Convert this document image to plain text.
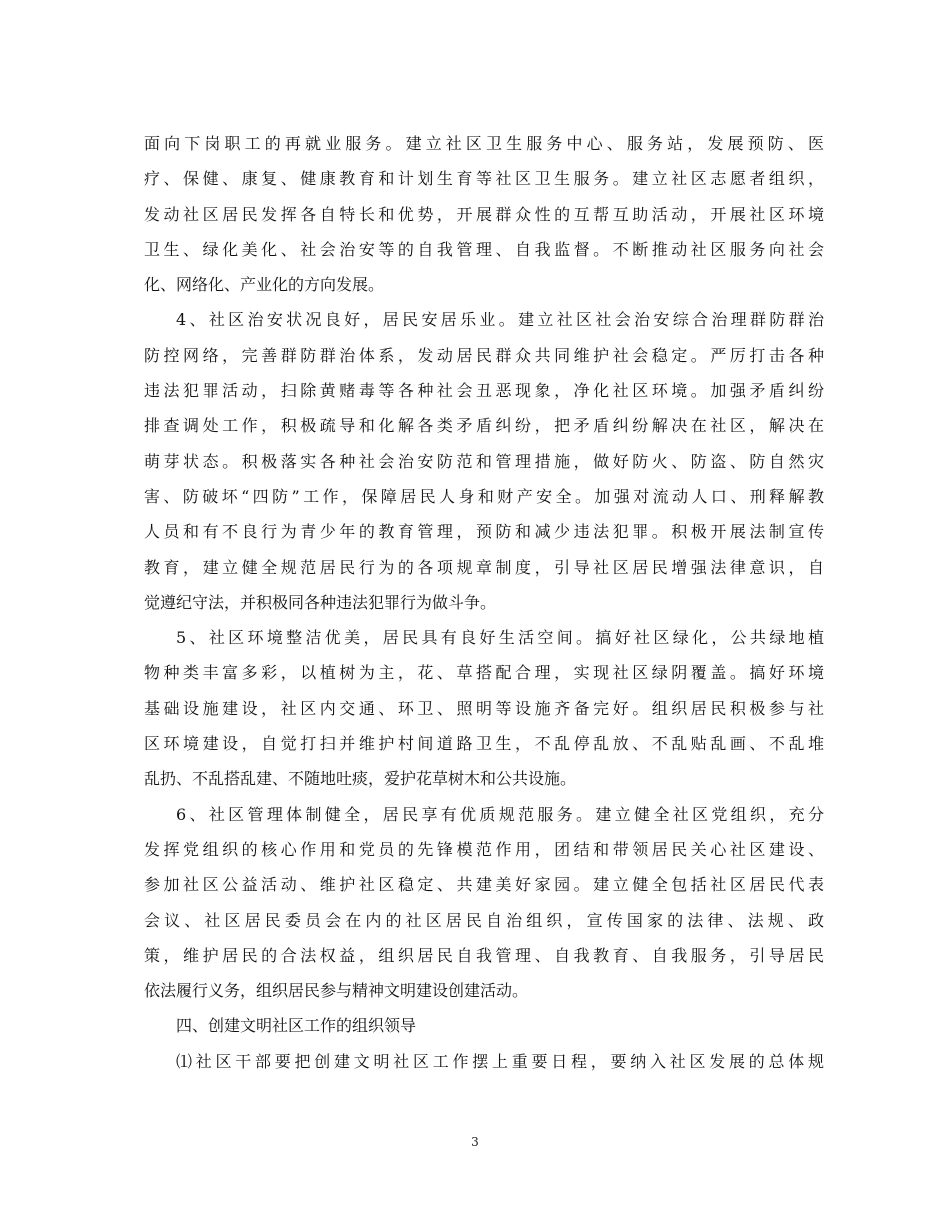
面向下岗职工的再就业服务。建立社区卫生服务中心、服务站，发展预防、医
疗、保健、康复、健康教育和计划生育等社区卫生服务。建立社区志愿者组织，
发动社区居民发挥各自特长和优势，开展群众性的互帮互助活动，开展社区环境
卫生、绿化美化、社会治安等的自我管理、自我监督。不断推动社区服务向社会
化、网络化、产业化的方向发展。
4、社区治安状况良好，居民安居乐业。建立社区社会治安综合治理群防群治
防控网络，完善群防群治体系，发动居民群众共同维护社会稳定。严厉打击各种
违法犯罪活动，扫除黄赌毒等各种社会丑恶现象，净化社区环境。加强矛盾纠纷
排查调处工作，积极疏导和化解各类矛盾纠纷，把矛盾纠纷解决在社区，解决在
萌芽状态。积极落实各种社会治安防范和管理措施，做好防火、防盗、防自然灾
害、防破坏“四防”工作，保障居民人身和财产安全。加强对流动人口、刑释解教
人员和有不良行为青少年的教育管理，预防和减少违法犯罪。积极开展法制宣传
教育，建立健全规范居民行为的各项规章制度，引导社区居民增强法律意识，自
觉遵纪守法，并积极同各种违法犯罪行为做斗争。
5、社区环境整洁优美，居民具有良好生活空间。搞好社区绿化，公共绿地植
物种类丰富多彩，以植树为主，花、草搭配合理，实现社区绿阴覆盖。搞好环境
基础设施建设，社区内交通、环卫、照明等设施齐备完好。组织居民积极参与社
区环境建设，自觉打扫并维护村间道路卫生，不乱停乱放、不乱贴乱画、不乱堆
乱扔、不乱搭乱建、不随地吐痰，爱护花草树木和公共设施。
6、社区管理体制健全，居民享有优质规范服务。建立健全社区党组织，充分
发挥党组织的核心作用和党员的先锋模范作用，团结和带领居民关心社区建设、
参加社区公益活动、维护社区稳定、共建美好家园。建立健全包括社区居民代表
会议、社区居民委员会在内的社区居民自治组织，宣传国家的法律、法规、政
策，维护居民的合法权益，组织居民自我管理、自我教育、自我服务，引导居民
依法履行义务，组织居民参与精神文明建设创建活动。
四、创建文明社区工作的组织领导
⑴社区干部要把创建文明社区工作摆上重要日程，要纳入社区发展的总体规
3
